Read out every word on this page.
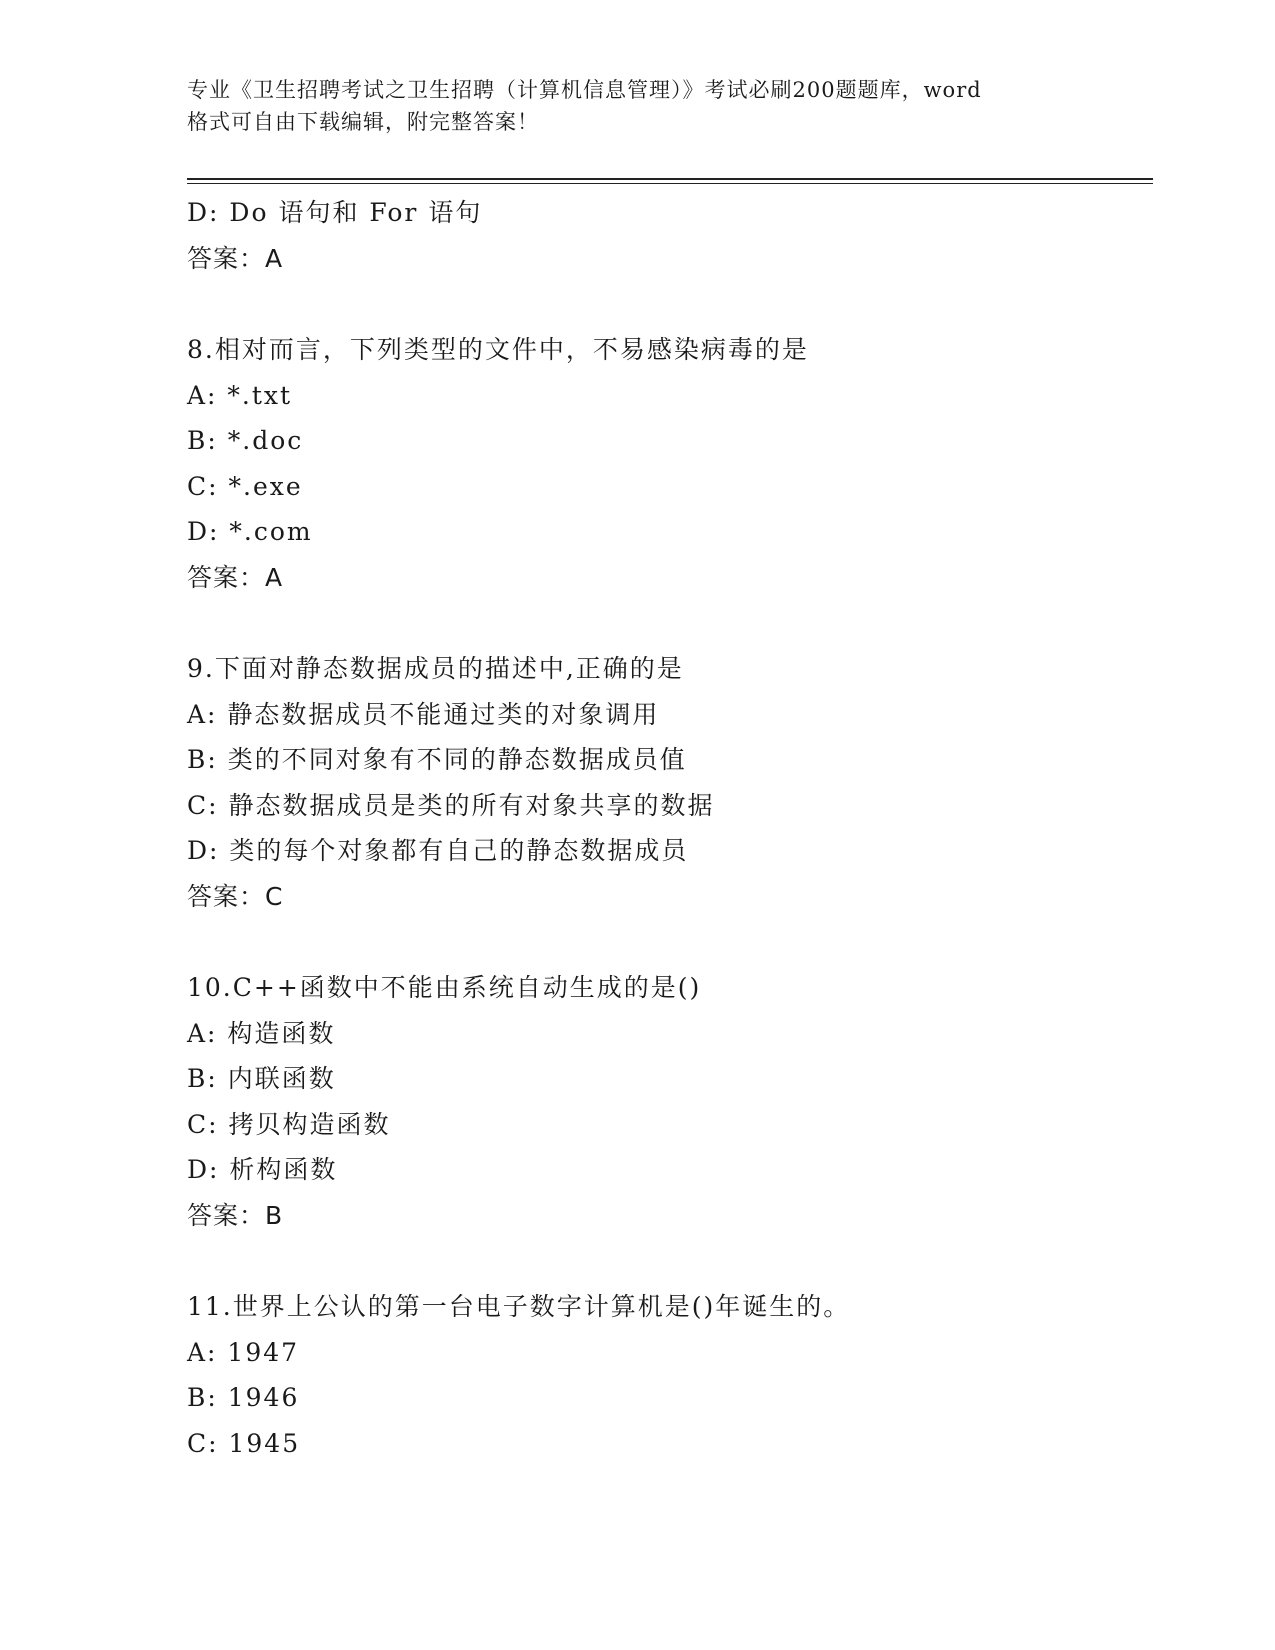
专业《卫生招聘考试之卫生招聘（计算机信息管理）》考试必刷200题题库，word
格式可自由下载编辑，附完整答案！
D: Do 语句和 For 语句
答案：A
8.相对而言，下列类型的文件中，不易感染病毒的是
A: *.txt
B: *.doc
C: *.exe
D: *.com
答案：A
9.下面对静态数据成员的描述中,正确的是
A: 静态数据成员不能通过类的对象调用
B: 类的不同对象有不同的静态数据成员值
C: 静态数据成员是类的所有对象共享的数据
D: 类的每个对象都有自己的静态数据成员
答案：C
10.C++函数中不能由系统自动生成的是()
A: 构造函数
B: 内联函数
C: 拷贝构造函数
D: 析构函数
答案：B
11.世界上公认的第一台电子数字计算机是()年诞生的。
A: 1947
B: 1946
C: 1945
